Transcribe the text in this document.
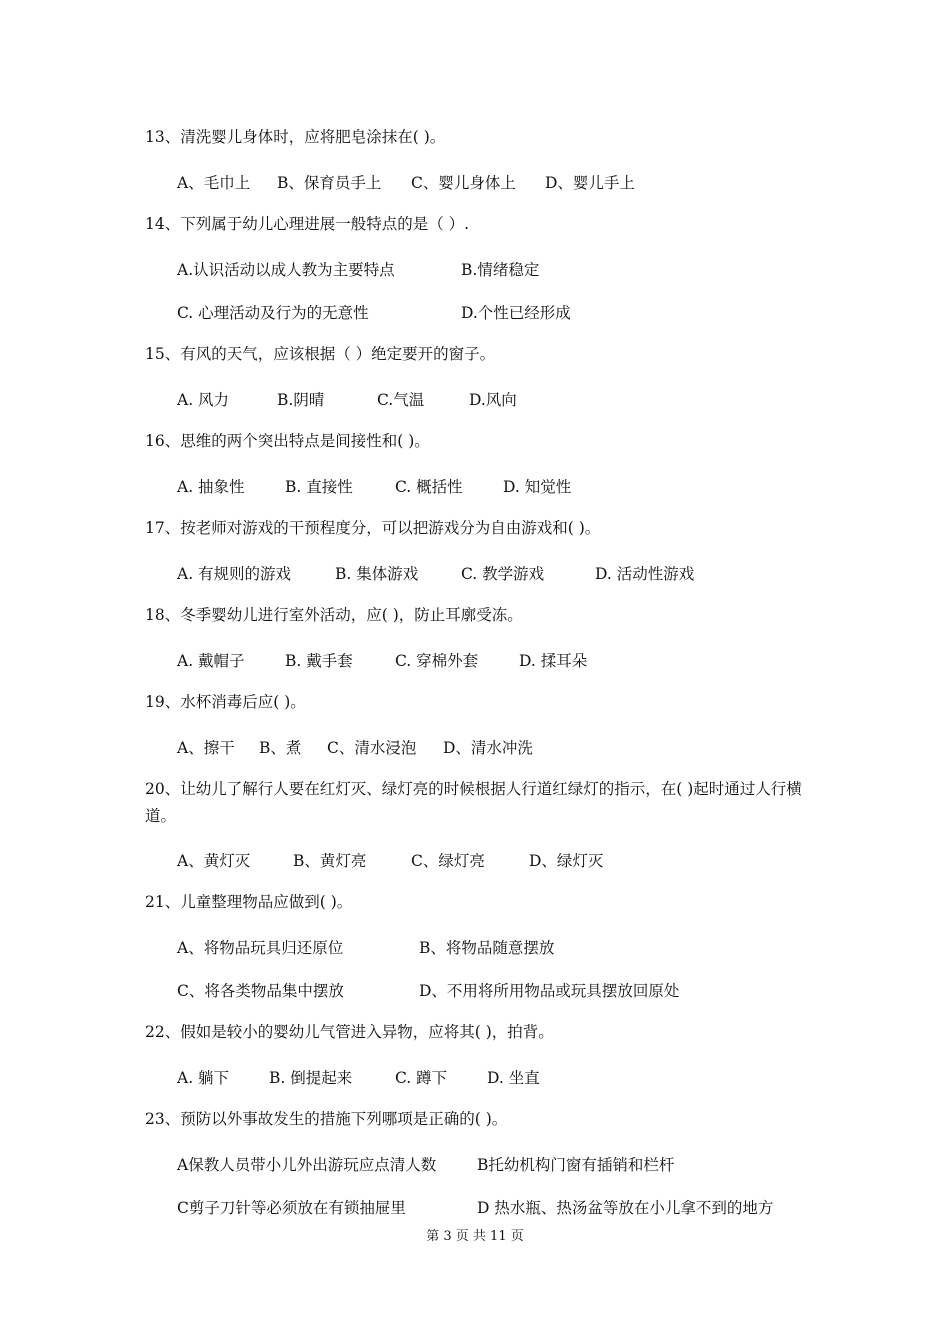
13、清洗婴儿身体时，应将肥皂涂抹在( )。

A、毛巾上 B、保育员手上 C、婴儿身体上 D、婴儿手上

14、下列属于幼儿心理进展一般特点的是（ ）.

A.认识活动以成人教为主要特点	B.情绪稳定
C. 心理活动及行为的无意性	D.个性已经形成

15、有风的天气，应该根据（ ）绝定要开的窗子。

A. 风力	B.阴晴	C.气温	D.风向

16、思维的两个突出特点是间接性和( )。

A. 抽象性	B. 直接性	C. 概括性	D. 知觉性

17、按老师对游戏的干预程度分，可以把游戏分为自由游戏和( )。

A. 有规则的游戏	B. 集体游戏	C. 教学游戏	D. 活动性游戏

18、冬季婴幼儿进行室外活动，应( )，防止耳廓受冻。

A. 戴帽子	B. 戴手套	C. 穿棉外套	D. 揉耳朵

19、水杯消毒后应( )。

A、擦干 B、煮 C、清水浸泡 D、清水冲洗

20、让幼儿了解行人要在红灯灭、绿灯亮的时候根据人行道红绿灯的指示，在( )起时通过人行横道。

A、黄灯灭	B、黄灯亮	C、绿灯亮	D、绿灯灭

21、儿童整理物品应做到( )。

A、将物品玩具归还原位	B、将物品随意摆放
C、将各类物品集中摆放	D、不用将所用物品或玩具摆放回原处

22、假如是较小的婴幼儿气管进入异物，应将其( )，拍背。

A. 躺下	B. 倒提起来	C. 蹲下	D. 坐直

23、预防以外事故发生的措施下列哪项是正确的( )。

A保教人员带小儿外出游玩应点清人数	B托幼机构门窗有插销和栏杆
C剪子刀针等必须放在有锁抽屉里	D 热水瓶、热汤盆等放在小儿拿不到的地方
第 3 页 共 11 页
